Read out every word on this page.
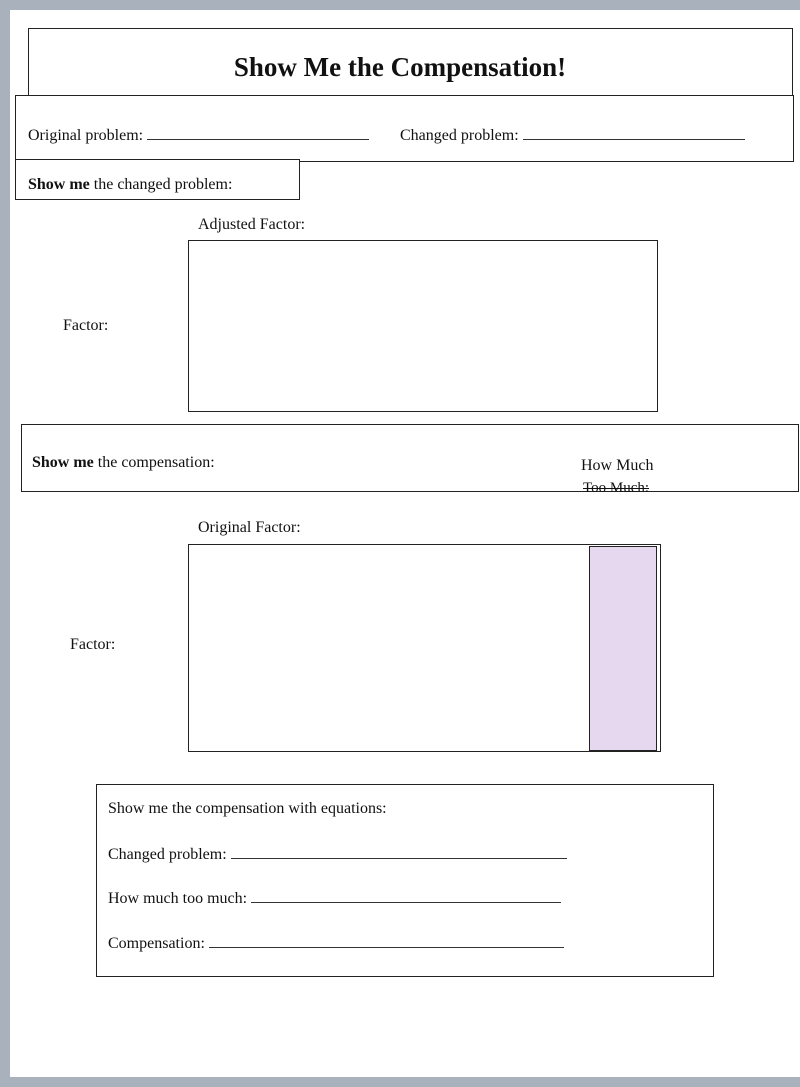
Show Me the Compensation!
Original problem:	Changed problem:
Show me the changed problem:
Adjusted Factor:
Factor:
Show me the compensation:	How Much
Too Much:
Original Factor:
Factor:
Show me the compensation with equations:
Changed problem:
How much too much:
Compensation:
